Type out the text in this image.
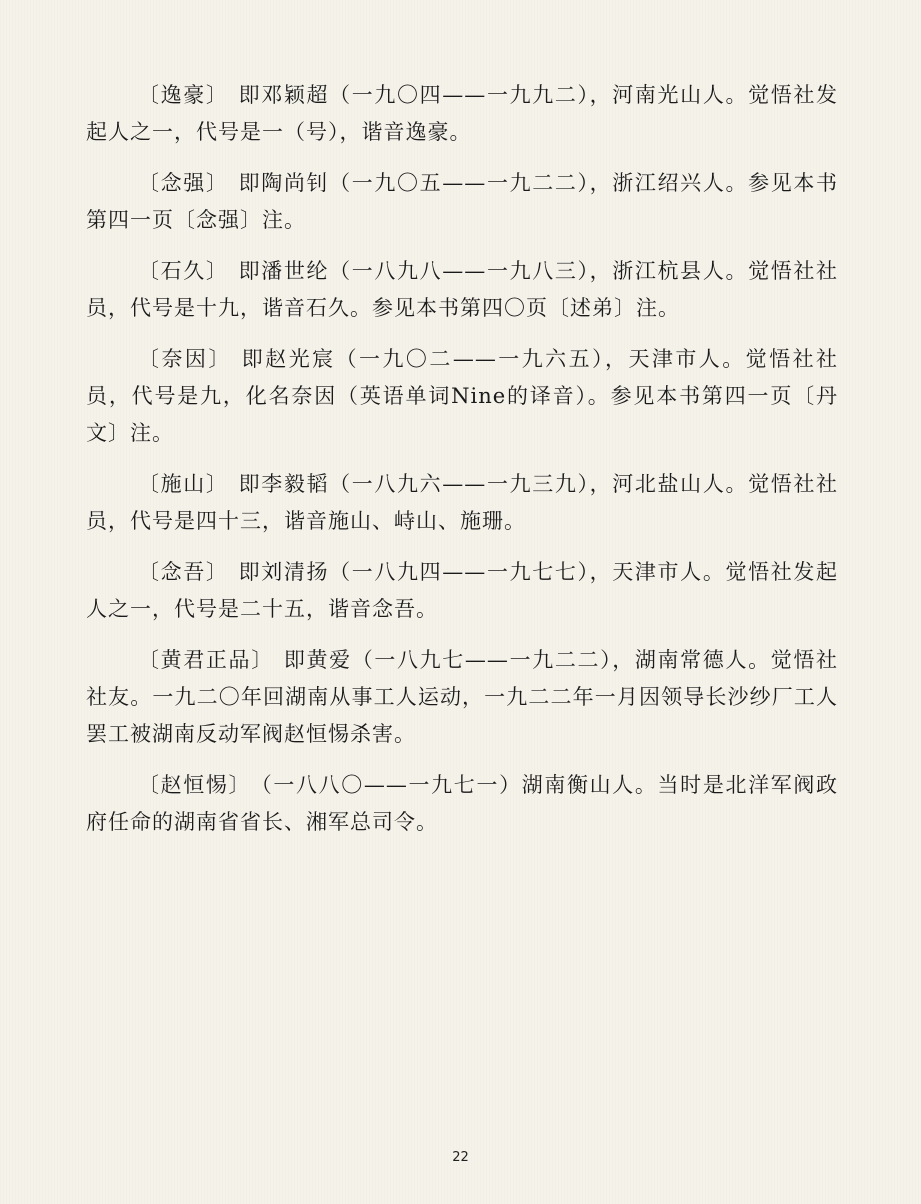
〔逸豪〕 即邓颖超（一九〇四——一九九二），河南光山人。觉悟社发起人之一，代号是一（号），谐音逸豪。

〔念强〕 即陶尚钊（一九〇五——一九二二），浙江绍兴人。参见本书第四一页〔念强〕注。

〔石久〕 即潘世纶（一八九八——一九八三），浙江杭县人。觉悟社社员，代号是十九，谐音石久。参见本书第四〇页〔述弟〕注。

〔奈因〕 即赵光宸（一九〇二——一九六五），天津市人。觉悟社社员，代号是九，化名奈因（英语单词Nine的译音）。参见本书第四一页〔丹文〕注。

〔施山〕 即李毅韬（一八九六——一九三九），河北盐山人。觉悟社社员，代号是四十三，谐音施山、峙山、施珊。

〔念吾〕 即刘清扬（一八九四——一九七七），天津市人。觉悟社发起人之一，代号是二十五，谐音念吾。

〔黄君正品〕 即黄爱（一八九七——一九二二），湖南常德人。觉悟社社友。一九二〇年回湖南从事工人运动，一九二二年一月因领导长沙纱厂工人罢工被湖南反动军阀赵恒惕杀害。

〔赵恒惕〕 （一八八〇——一九七一）湖南衡山人。当时是北洋军阀政府任命的湖南省省长、湘军总司令。

22
